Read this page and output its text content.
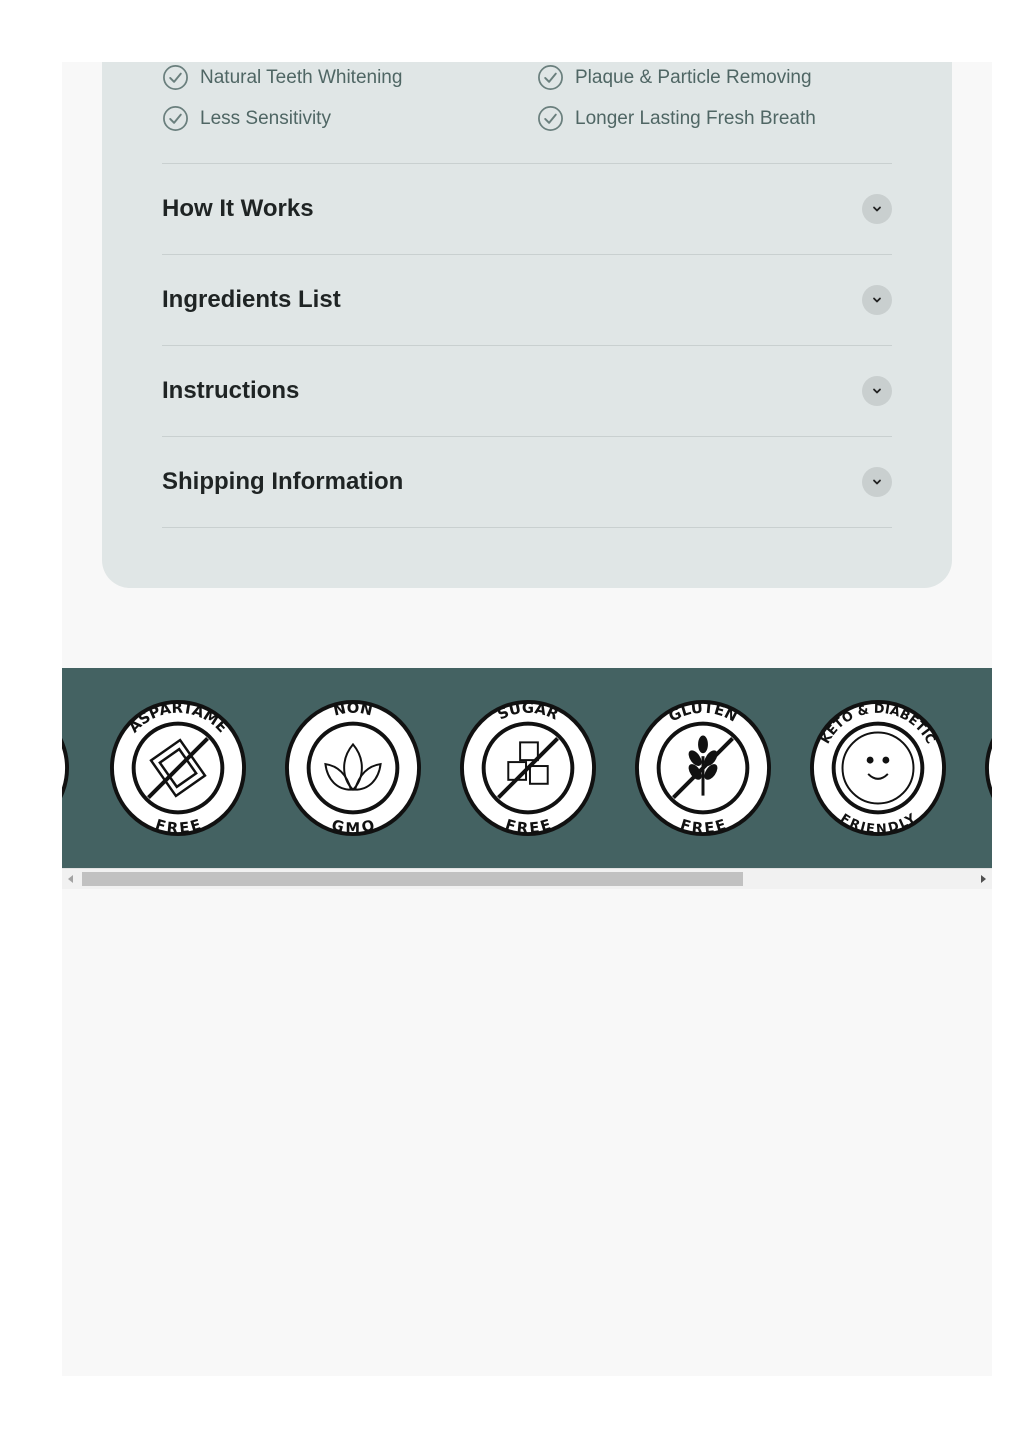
Natural Teeth Whitening	Plaque & Particle Removing
Less Sensitivity	Longer Lasting Fresh Breath
How It Works
Ingredients List
Instructions
Shipping Information
ASPARTAME
FREE
NON
GMO
SUGAR
FREE
GLUTEN
FREE
KETO & DIABETIC
FRIENDLY
